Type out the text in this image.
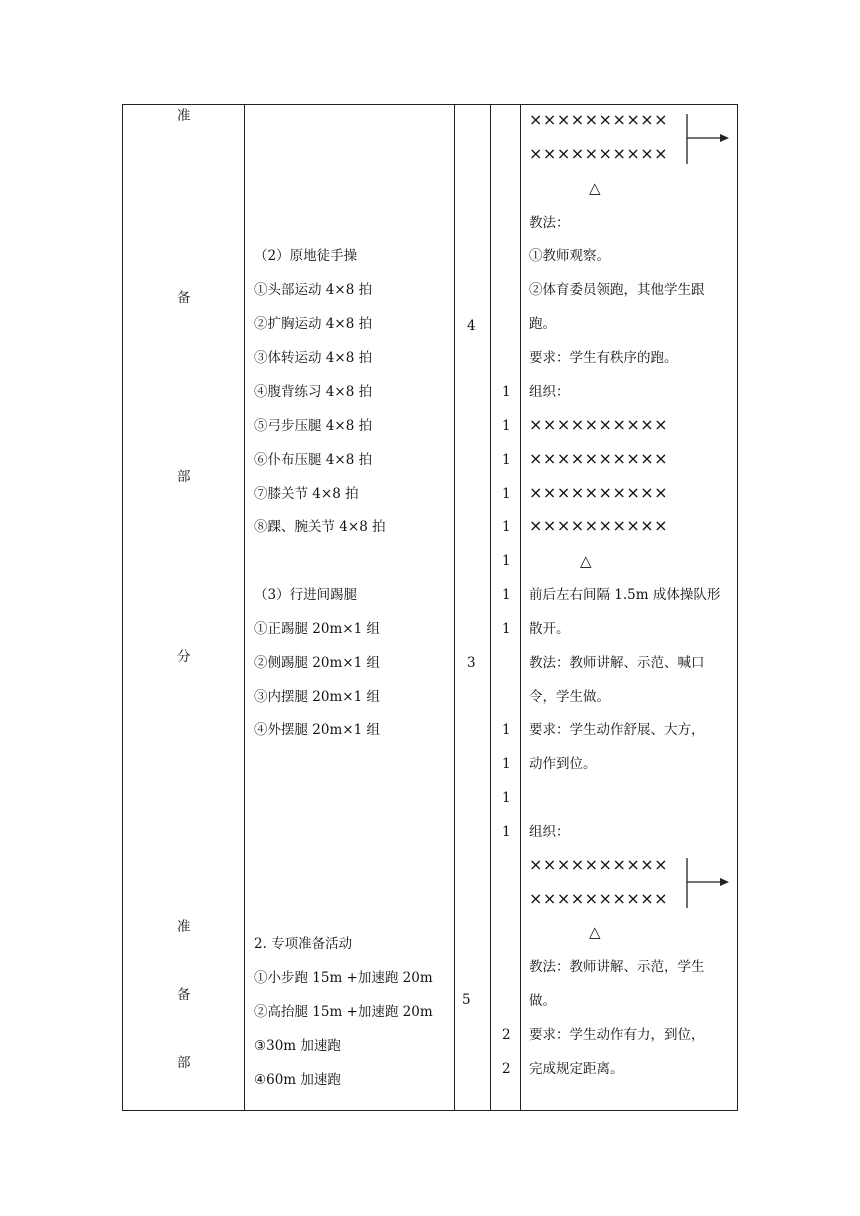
准
备
部
分
准
备
部
（2）原地徒手操
①头部运动 4×8 拍
②扩胸运动 4×8 拍
③体转运动 4×8 拍
④腹背练习 4×8 拍
⑤弓步压腿 4×8 拍
⑥仆布压腿 4×8 拍
⑦膝关节 4×8 拍
⑧踝、腕关节 4×8 拍
（3）行进间踢腿
①正踢腿 20m×1 组
②侧踢腿 20m×1 组
③内摆腿 20m×1 组
④外摆腿 20m×1 组
2. 专项准备活动
①小步跑 15m +加速跑 20m
②高抬腿 15m +加速跑 20m
③30m 加速跑
④60m 加速跑
4
3
5
1
1
1
1
1
1
1
1
1
1
1
1
2
2
××××××××××
××××××××××
△
教法：
①教师观察。
②体育委员领跑，其他学生跟
跑。
要求：学生有秩序的跑。
组织：
××××××××××
××××××××××
××××××××××
××××××××××
△
前后左右间隔 1.5m 成体操队形
散开。
教法：教师讲解、示范、喊口
令，学生做。
要求：学生动作舒展、大方，
动作到位。
组织：
××××××××××
××××××××××
△
教法：教师讲解、示范，学生
做。
要求：学生动作有力，到位，
完成规定距离。
